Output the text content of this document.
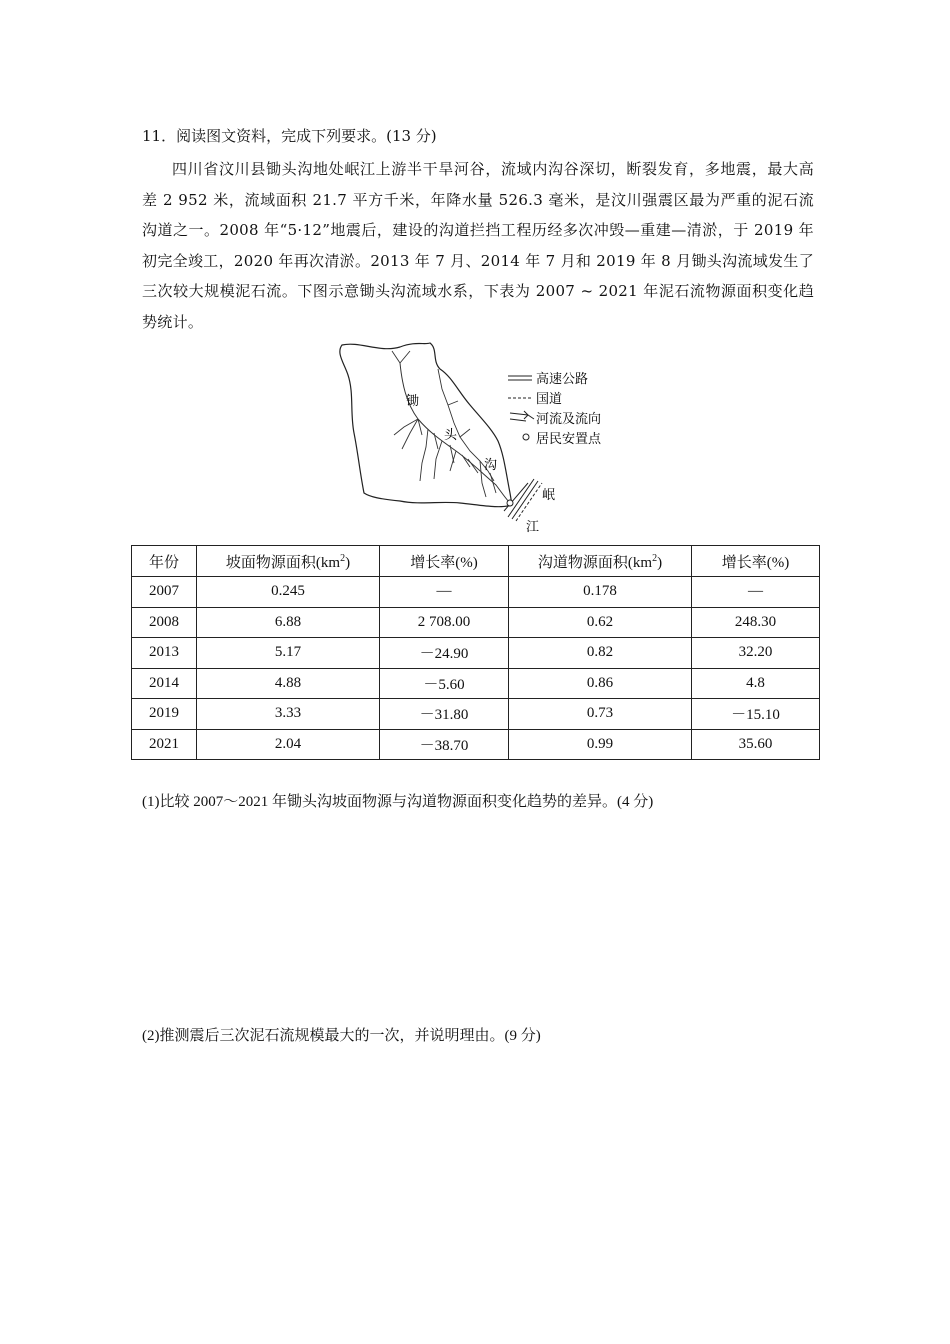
11．阅读图文资料，完成下列要求。(13 分)
四川省汶川县锄头沟地处岷江上游半干旱河谷，流域内沟谷深切，断裂发育，多地震，最大高差 2 952 米，流域面积 21.7 平方千米，年降水量 526.3 毫米，是汶川强震区最为严重的泥石流沟道之一。2008 年“5·12”地震后，建设的沟道拦挡工程历经多次冲毁—重建—清淤，于 2019 年初完全竣工，2020 年再次清淤。2013 年 7 月、2014 年 7 月和 2019 年 8 月锄头沟流域发生了三次较大规模泥石流。下图示意锄头沟流域水系，下表为 2007 ~ 2021 年泥石流物源面积变化趋势统计。
锄
头
沟
岷
江
高速公路
国道
河流及流向
居民安置点
年份	坡面物源面积$(km^2)$	增长率(%)	沟道物源面积$(km^2)$	增长率(%)
2007	0.245	—	0.178	—
2008	6.88	2 708.00	0.62	248.30
2013	5.17	－24.90	0.82	32.20
2014	4.88	－5.60	0.86	4.8
2019	3.33	－31.80	0.73	－15.10
2021	2.04	－38.70	0.99	35.60
(1)比较 2007～2021 年锄头沟坡面物源与沟道物源面积变化趋势的差异。(4 分)
(2)推测震后三次泥石流规模最大的一次，并说明理由。(9 分)
